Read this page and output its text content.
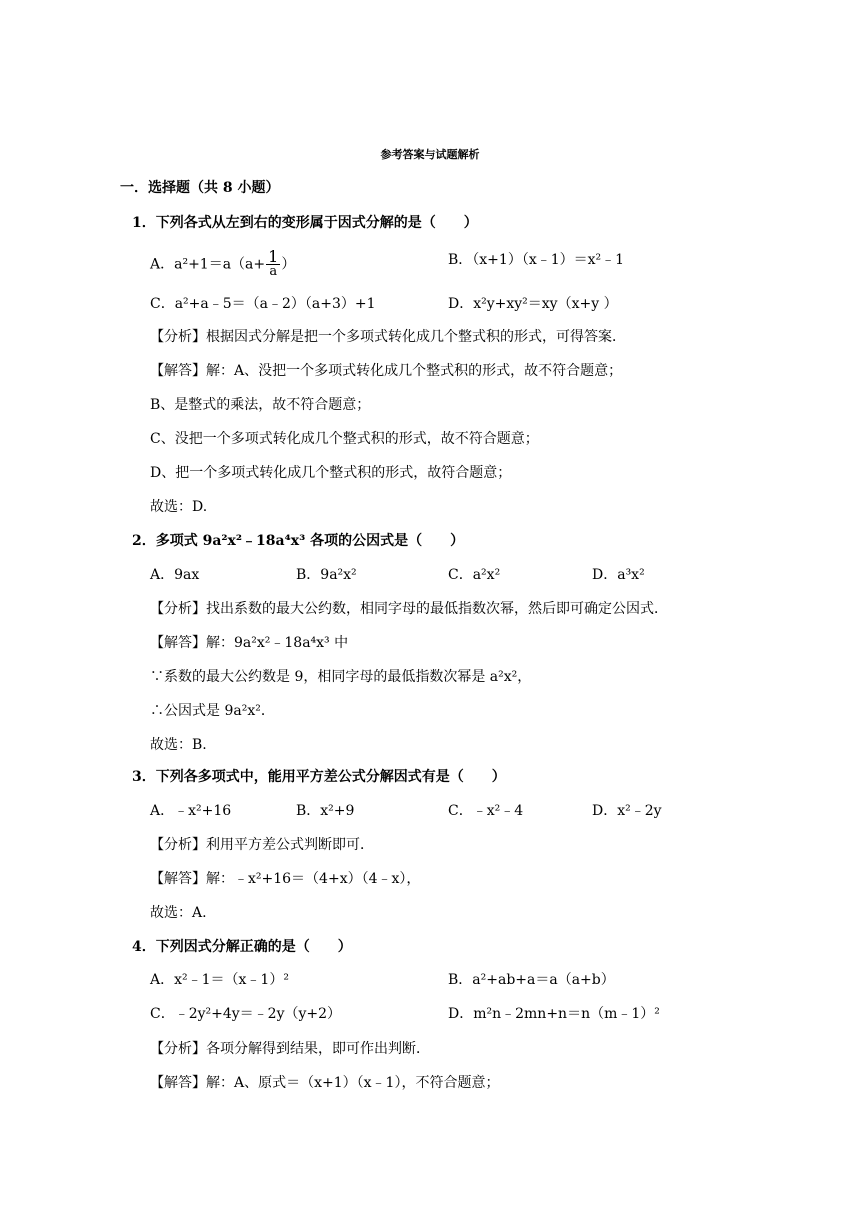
参考答案与试题解析
一．选择题（共 8 小题）
1．下列各式从左到右的变形属于因式分解的是（　　）
A．$a^2+1=a(a+ \frac{1}{a}$ ）	B．（x+1）（x﹣1）＝x²﹣1
C．a²+a﹣5＝（a﹣2）（a+3）+1	D．x²y+xy²＝xy（x+y ）
【分析】根据因式分解是把一个多项式转化成几个整式积的形式，可得答案．
【解答】解：A、没把一个多项式转化成几个整式积的形式，故不符合题意；
B、是整式的乘法，故不符合题意；
C、没把一个多项式转化成几个整式积的形式，故不符合题意；
D、把一个多项式转化成几个整式积的形式，故符合题意；
故选：D.
2．多项式 9a²x²﹣18a⁴x³ 各项的公因式是（　　）
A．9ax	B．9a²x²	C．a²x²	D．a³x²
【分析】找出系数的最大公约数，相同字母的最低指数次幂，然后即可确定公因式．
【解答】解：9a²x²﹣18a⁴x³ 中
∵系数的最大公约数是 9，相同字母的最低指数次幂是 a²x²，
∴公因式是 9a²x²．
故选：B.
3．下列各多项式中，能用平方差公式分解因式有是（　　）
A．﹣x²+16	B．x²+9	C．﹣x²﹣4	D．x²﹣2y
【分析】利用平方差公式判断即可．
【解答】解：﹣x²+16＝（4+x）（4﹣x），
故选：A.
4．下列因式分解正确的是（　　）
A．x²﹣1＝（x﹣1）²	B．a²+ab+a＝a（a+b）
C．﹣2y²+4y＝﹣2y（y+2）	D．m²n﹣2mn+n＝n（m﹣1）²
【分析】各项分解得到结果，即可作出判断．
【解答】解：A、原式＝（x+1）（x﹣1），不符合题意；
